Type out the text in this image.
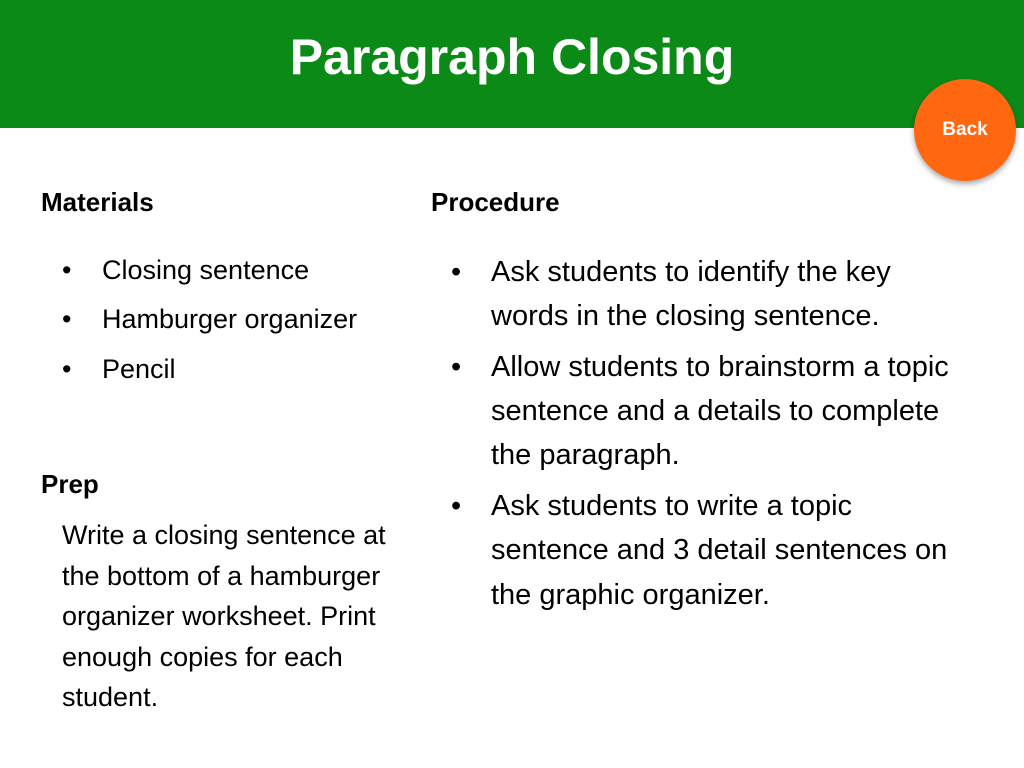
Paragraph Closing
Back
Materials
• Closing sentence
• Hamburger organizer
• Pencil
Prep

Write a closing sentence at the bottom of a hamburger organizer worksheet. Print enough copies for each student.

Procedure
• Ask students to identify the key words in the closing sentence.
• Allow students to brainstorm a topic sentence and a details to complete the paragraph.
• Ask students to write a topic sentence and 3 detail sentences on the graphic organizer.
